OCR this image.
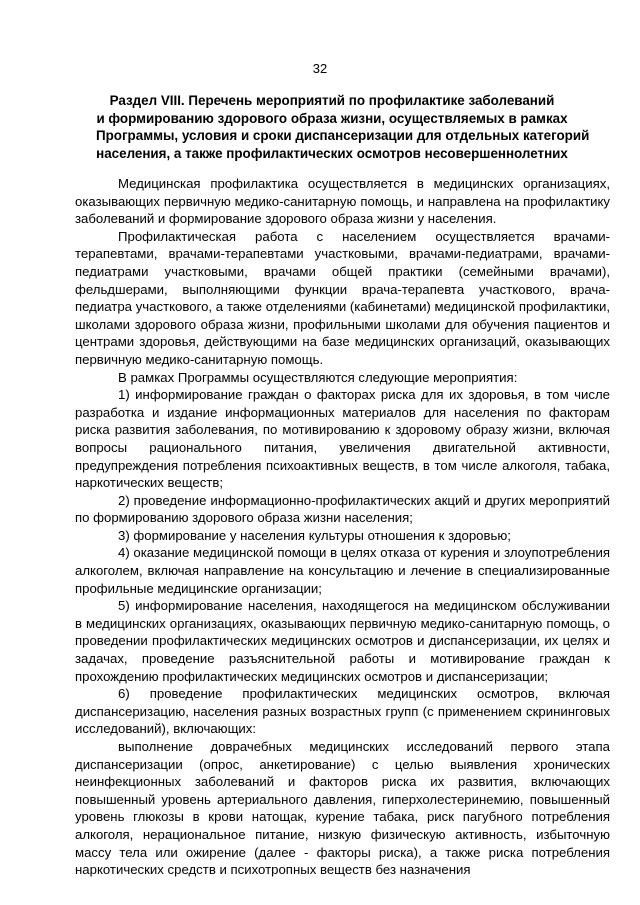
32
Раздел VIII. Перечень мероприятий по профилактике заболеваний
и формированию здорового образа жизни, осуществляемых в рамках
Программы, условия и сроки диспансеризации для отдельных категорий
населения, а также профилактических осмотров несовершеннолетних

Медицинская профилактика осуществляется в медицинских организациях, оказывающих первичную медико-санитарную помощь, и направлена на профилактику заболеваний и формирование здорового образа жизни у населения.

Профилактическая работа с населением осуществляется врачами-терапевтами, врачами-терапевтами участковыми, врачами-педиатрами, врачами-педиатрами участковыми, врачами общей практики (семейными врачами), фельдшерами, выполняющими функции врача-терапевта участкового, врача-педиатра участкового, а также отделениями (кабинетами) медицинской профилактики, школами здорового образа жизни, профильными школами для обучения пациентов и центрами здоровья, действующими на базе медицинских организаций, оказывающих первичную медико-санитарную помощь.

В рамках Программы осуществляются следующие мероприятия:

1) информирование граждан о факторах риска для их здоровья, в том числе разработка и издание информационных материалов для населения по факторам риска развития заболевания, по мотивированию к здоровому образу жизни, включая вопросы рационального питания, увеличения двигательной активности, предупреждения потребления психоактивных веществ, в том числе алкоголя, табака, наркотических веществ;

2) проведение информационно-профилактических акций и других мероприятий по формированию здорового образа жизни населения;

3) формирование у населения культуры отношения к здоровью;

4) оказание медицинской помощи в целях отказа от курения и злоупотребления алкоголем, включая направление на консультацию и лечение в специализированные профильные медицинские организации;

5) информирование населения, находящегося на медицинском обслуживании в медицинских организациях, оказывающих первичную медико-санитарную помощь, о проведении профилактических медицинских осмотров и диспансеризации, их целях и задачах, проведение разъяснительной работы и мотивирование граждан к прохождению профилактических медицинских осмотров и диспансеризации;

6) проведение профилактических медицинских осмотров, включая диспансеризацию, населения разных возрастных групп (с применением скрининговых исследований), включающих:

выполнение доврачебных медицинских исследований первого этапа диспансеризации (опрос, анкетирование) с целью выявления хронических неинфекционных заболеваний и факторов риска их развития, включающих повышенный уровень артериального давления, гиперхолестеринемию, повышенный уровень глюкозы в крови натощак, курение табака, риск пагубного потребления алкоголя, нерациональное питание, низкую физическую активность, избыточную массу тела или ожирение (далее - факторы риска), а также риска потребления наркотических средств и психотропных веществ без назначения
